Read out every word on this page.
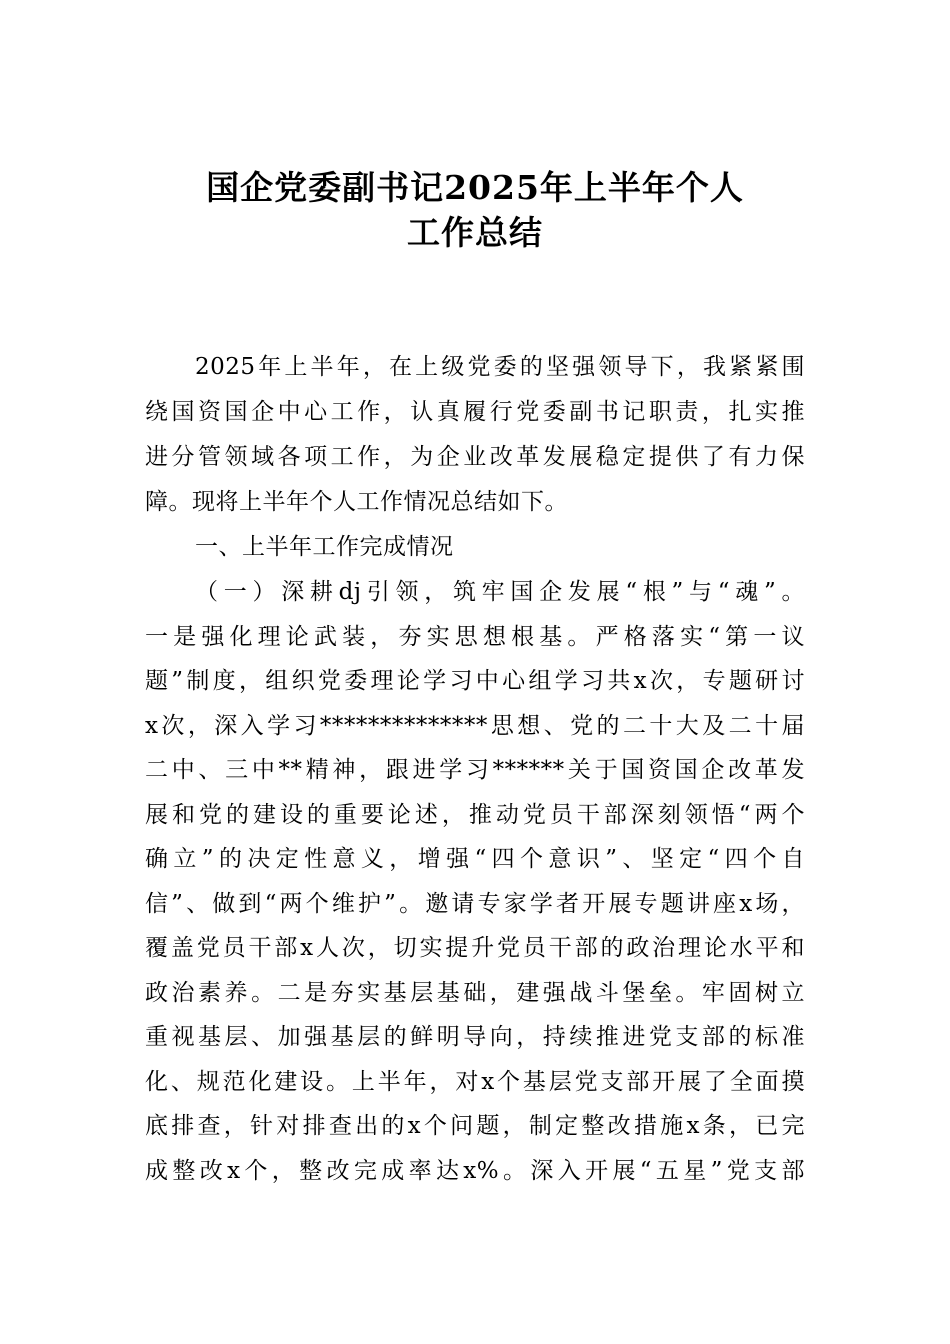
国企党委副书记2025年上半年个人
工作总结
2025年上半年，在上级党委的坚强领导下，我紧紧围
绕国资国企中心工作，认真履行党委副书记职责，扎实推
进分管领域各项工作，为企业改革发展稳定提供了有力保
障。现将上半年个人工作情况总结如下。
一、上半年工作完成情况
（一）深耕dj引领，筑牢国企发展“根”与“魂”。
一是强化理论武装，夯实思想根基。严格落实“第一议
题”制度，组织党委理论学习中心组学习共x次，专题研讨
x次，深入学习**************思想、党的二十大及二十届
二中、三中**精神，跟进学习******关于国资国企改革发
展和党的建设的重要论述，推动党员干部深刻领悟“两个
确立”的决定性意义，增强“四个意识”、坚定“四个自
信”、做到“两个维护”。邀请专家学者开展专题讲座x场，
覆盖党员干部x人次，切实提升党员干部的政治理论水平和
政治素养。二是夯实基层基础，建强战斗堡垒。牢固树立
重视基层、加强基层的鲜明导向，持续推进党支部的标准
化、规范化建设。上半年，对x个基层党支部开展了全面摸
底排查，针对排查出的x个问题，制定整改措施x条，已完
成整改x个，整改完成率达x%。深入开展“五星”党支部
